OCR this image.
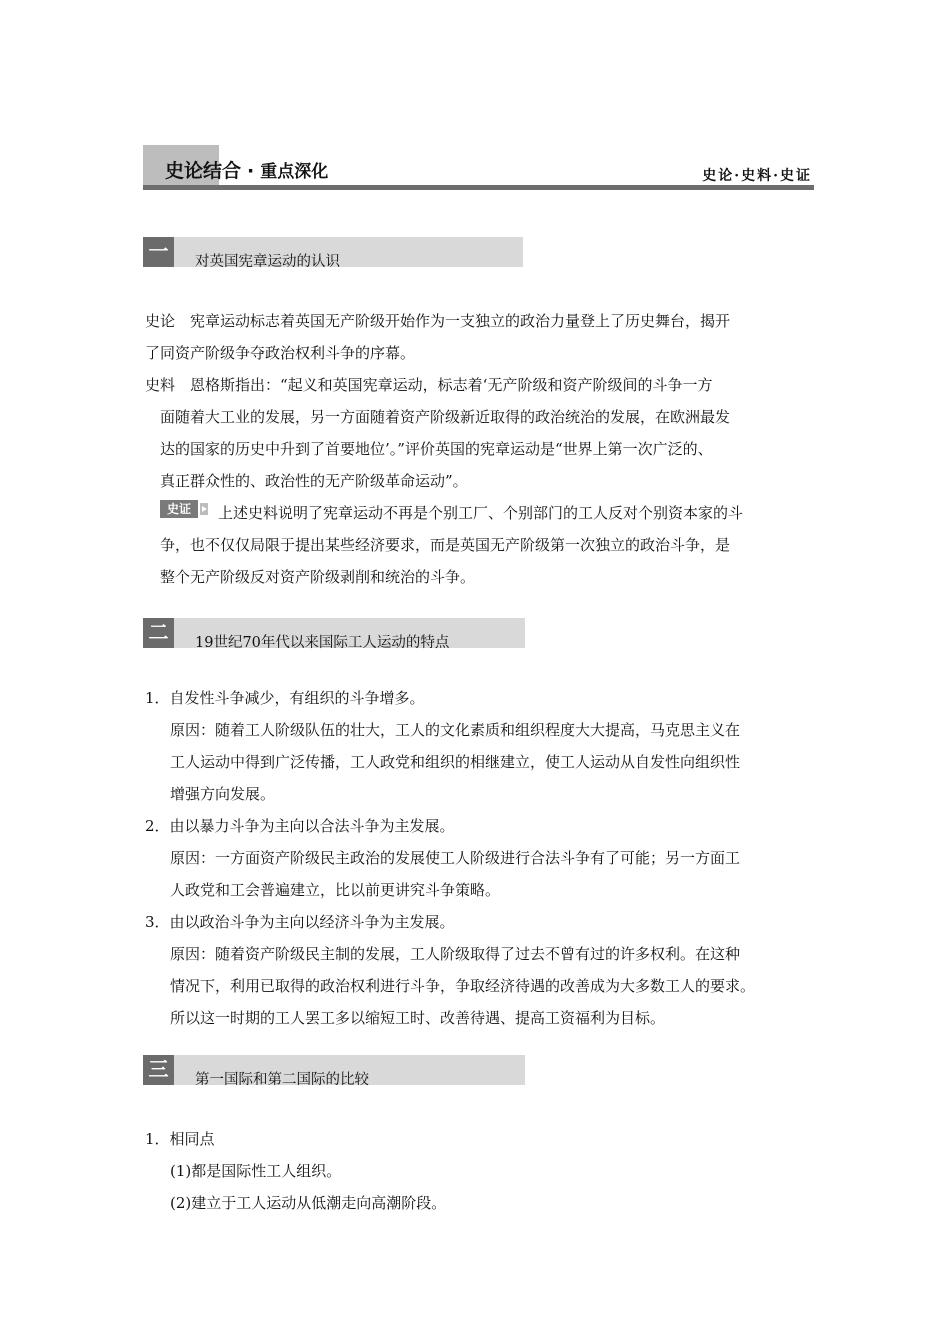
史论结合 · 重点深化	史论·史料·史证
一	对英国宪章运动的认识
史论　宪章运动标志着英国无产阶级开始作为一支独立的政治力量登上了历史舞台，揭开
了同资产阶级争夺政治权利斗争的序幕。
史料　恩格斯指出：“起义和英国宪章运动，标志着‘无产阶级和资产阶级间的斗争一方
面随着大工业的发展，另一方面随着资产阶级新近取得的政治统治的发展，在欧洲最发
达的国家的历史中升到了首要地位’。”评价英国的宪章运动是“世界上第一次广泛的、
真正群众性的、政治性的无产阶级革命运动”。
史证	上述史料说明了宪章运动不再是个别工厂、个别部门的工人反对个别资本家的斗
争，也不仅仅局限于提出某些经济要求，而是英国无产阶级第一次独立的政治斗争，是
整个无产阶级反对资产阶级剥削和统治的斗争。
二	19世纪70年代以来国际工人运动的特点
1．自发性斗争减少，有组织的斗争增多。
原因：随着工人阶级队伍的壮大，工人的文化素质和组织程度大大提高，马克思主义在
工人运动中得到广泛传播，工人政党和组织的相继建立，使工人运动从自发性向组织性
增强方向发展。
2．由以暴力斗争为主向以合法斗争为主发展。
原因：一方面资产阶级民主政治的发展使工人阶级进行合法斗争有了可能；另一方面工
人政党和工会普遍建立，比以前更讲究斗争策略。
3．由以政治斗争为主向以经济斗争为主发展。
原因：随着资产阶级民主制的发展，工人阶级取得了过去不曾有过的许多权利。在这种
情况下，利用已取得的政治权利进行斗争，争取经济待遇的改善成为大多数工人的要求。
所以这一时期的工人罢工多以缩短工时、改善待遇、提高工资福利为目标。
三	第一国际和第二国际的比较
1．相同点
(1)都是国际性工人组织。
(2)建立于工人运动从低潮走向高潮阶段。
